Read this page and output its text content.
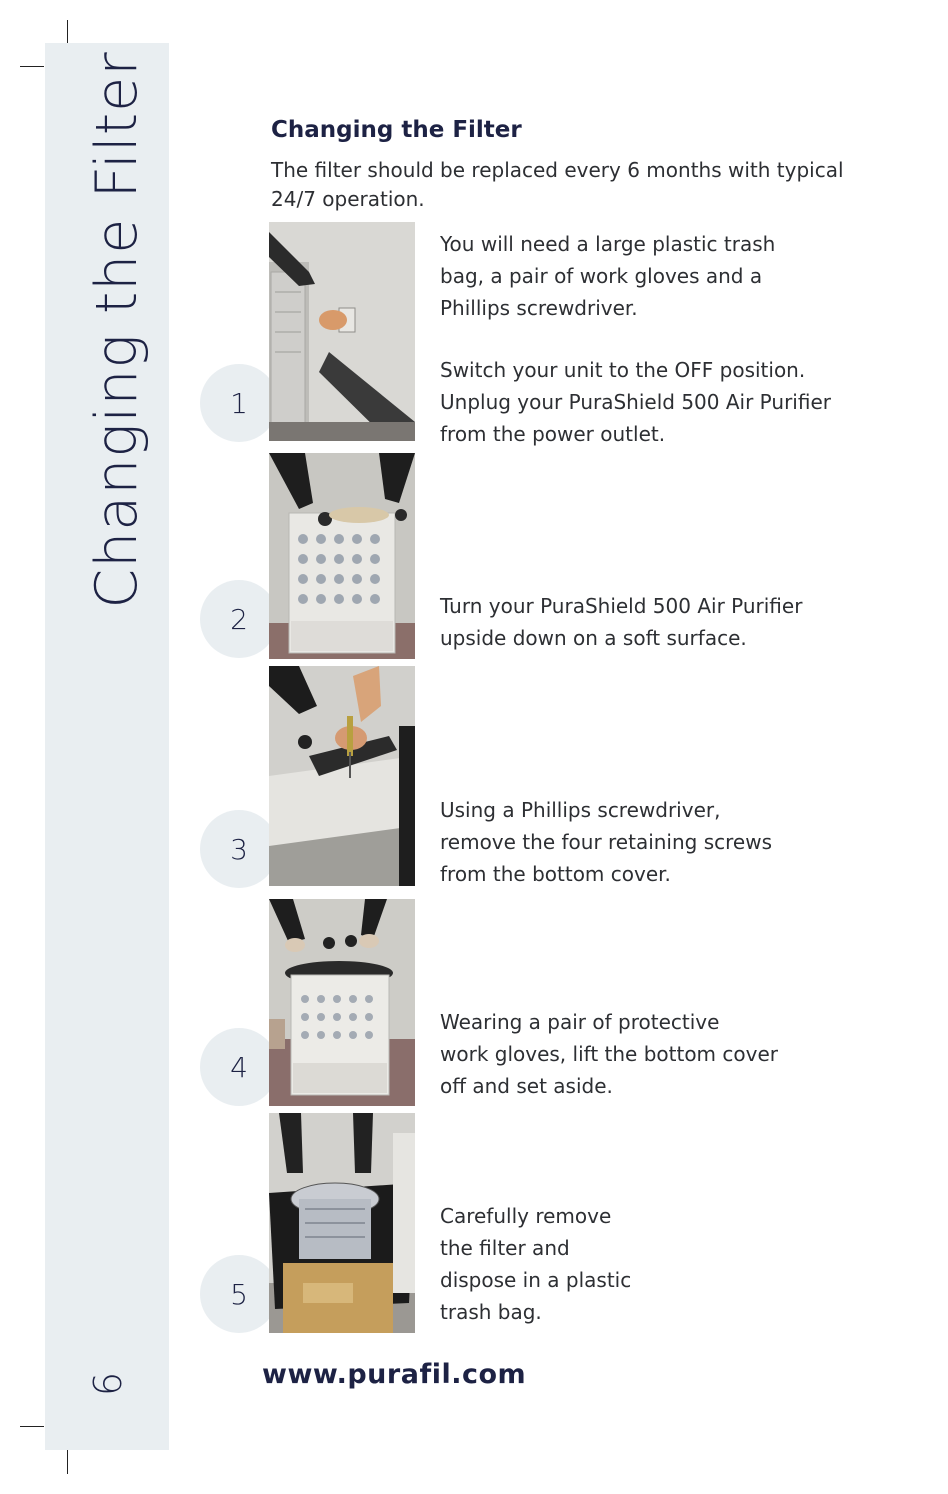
Changing the Filter
6
Changing the Filter
The filter should be replaced every 6 months with typical 24/7 operation.
1

You will need a large plastic trash
bag, a pair of work gloves and a
Phillips screwdriver.

Switch your unit to the OFF position.
Unplug your PuraShield 500 Air Purifier
from the power outlet.

2	Turn your PuraShield 500 Air Purifier
upside down on a soft surface.

3

Using a Phillips screwdriver,
remove the four retaining screws
from the bottom cover.

4

Wearing a pair of protective
work gloves, lift the bottom cover
off and set aside.

5

Carefully remove
the filter and
dispose in a plastic
trash bag.

www.purafil.com
